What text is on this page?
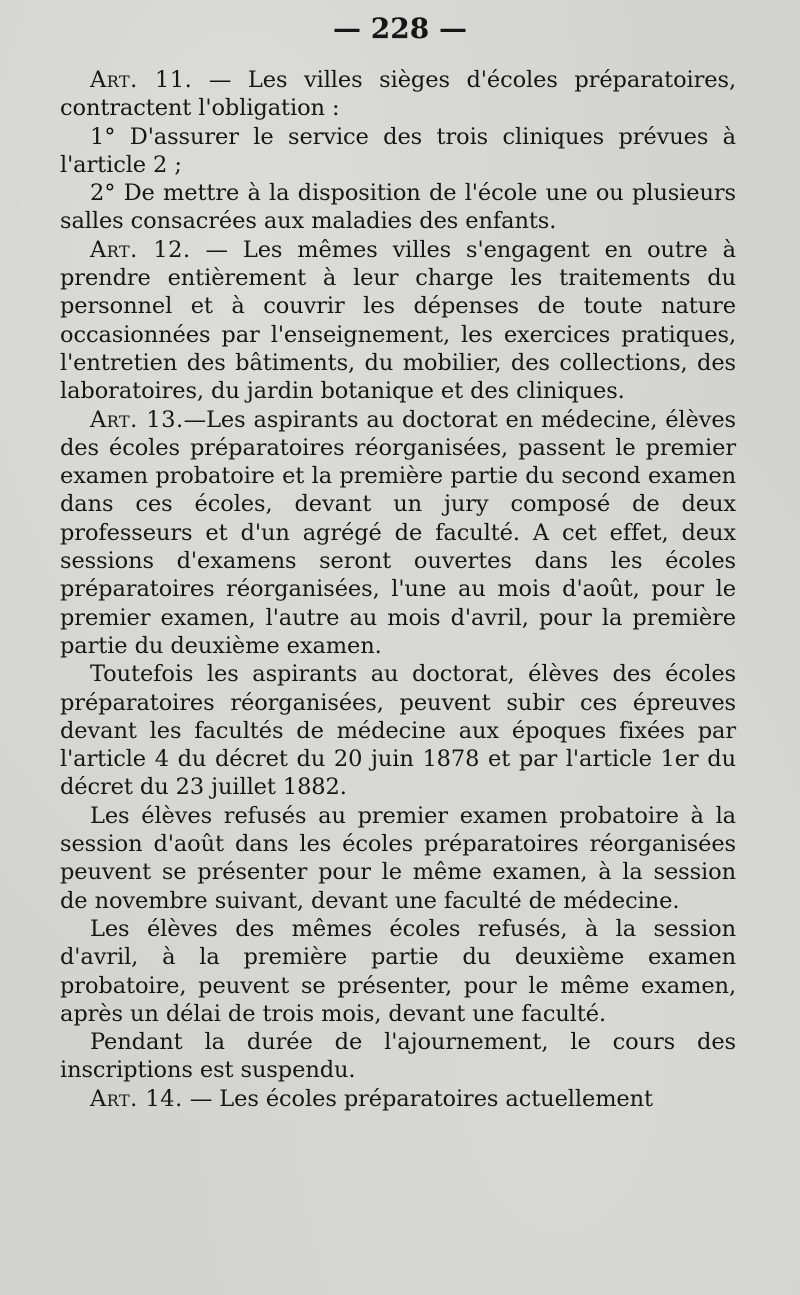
— 228 —

Art. 11. — Les villes sièges d'écoles préparatoires, contractent l'obligation :

1° D'assurer le service des trois cliniques prévues à l'article 2 ;

2° De mettre à la disposition de l'école une ou plusieurs salles consacrées aux maladies des enfants.

Art. 12. — Les mêmes villes s'engagent en outre à prendre entièrement à leur charge les traitements du personnel et à couvrir les dépenses de toute nature occasionnées par l'enseignement, les exercices pratiques, l'entretien des bâtiments, du mobilier, des collections, des laboratoires, du jardin botanique et des cliniques.

Art. 13.—Les aspirants au doctorat en médecine, élèves des écoles préparatoires réorganisées, passent le premier examen probatoire et la première partie du second examen dans ces écoles, devant un jury composé de deux professeurs et d'un agrégé de faculté. A cet effet, deux sessions d'examens seront ouvertes dans les écoles préparatoires réorganisées, l'une au mois d'août, pour le premier examen, l'autre au mois d'avril, pour la première partie du deuxième examen.

Toutefois les aspirants au doctorat, élèves des écoles préparatoires réorganisées, peuvent subir ces épreuves devant les facultés de médecine aux époques fixées par l'article 4 du décret du 20 juin 1878 et par l'article 1er du décret du 23 juillet 1882.

Les élèves refusés au premier examen probatoire à la session d'août dans les écoles préparatoires réorganisées peuvent se présenter pour le même examen, à la session de novembre suivant, devant une faculté de médecine.

Les élèves des mêmes écoles refusés, à la session d'avril, à la première partie du deuxième examen probatoire, peuvent se présenter, pour le même examen, après un délai de trois mois, devant une faculté.

Pendant la durée de l'ajournement, le cours des inscriptions est suspendu.

Art. 14. — Les écoles préparatoires actuellement
